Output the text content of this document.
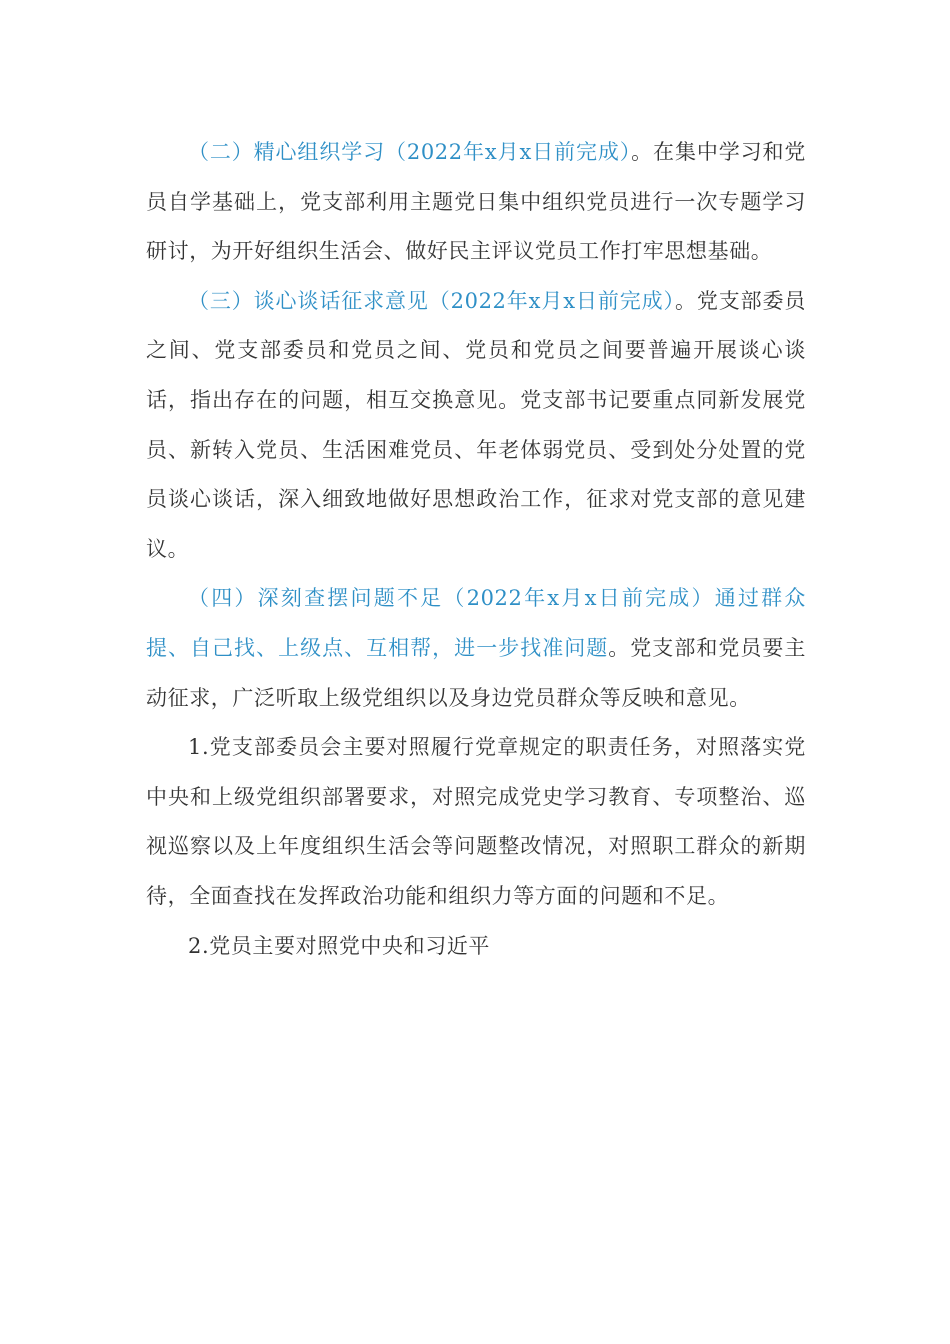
（二）精心组织学习（2022年x月x日前完成）。在集中学习和党员自学基础上，党支部利用主题党日集中组织党员进行一次专题学习研讨，为开好组织生活会、做好民主评议党员工作打牢思想基础。

（三）谈心谈话征求意见（2022年x月x日前完成）。党支部委员之间、党支部委员和党员之间、党员和党员之间要普遍开展谈心谈话，指出存在的问题，相互交换意见。党支部书记要重点同新发展党员、新转入党员、生活困难党员、年老体弱党员、受到处分处置的党员谈心谈话，深入细致地做好思想政治工作，征求对党支部的意见建议。

（四）深刻查摆问题不足（2022年x月x日前完成）通过群众提、自己找、上级点、互相帮，进一步找准问题。党支部和党员要主动征求，广泛听取上级党组织以及身边党员群众等反映和意见。

1.党支部委员会主要对照履行党章规定的职责任务，对照落实党中央和上级党组织部署要求，对照完成党史学习教育、专项整治、巡视巡察以及上年度组织生活会等问题整改情况，对照职工群众的新期待，全面查找在发挥政治功能和组织力等方面的问题和不足。

2.党员主要对照党中央和习近平
